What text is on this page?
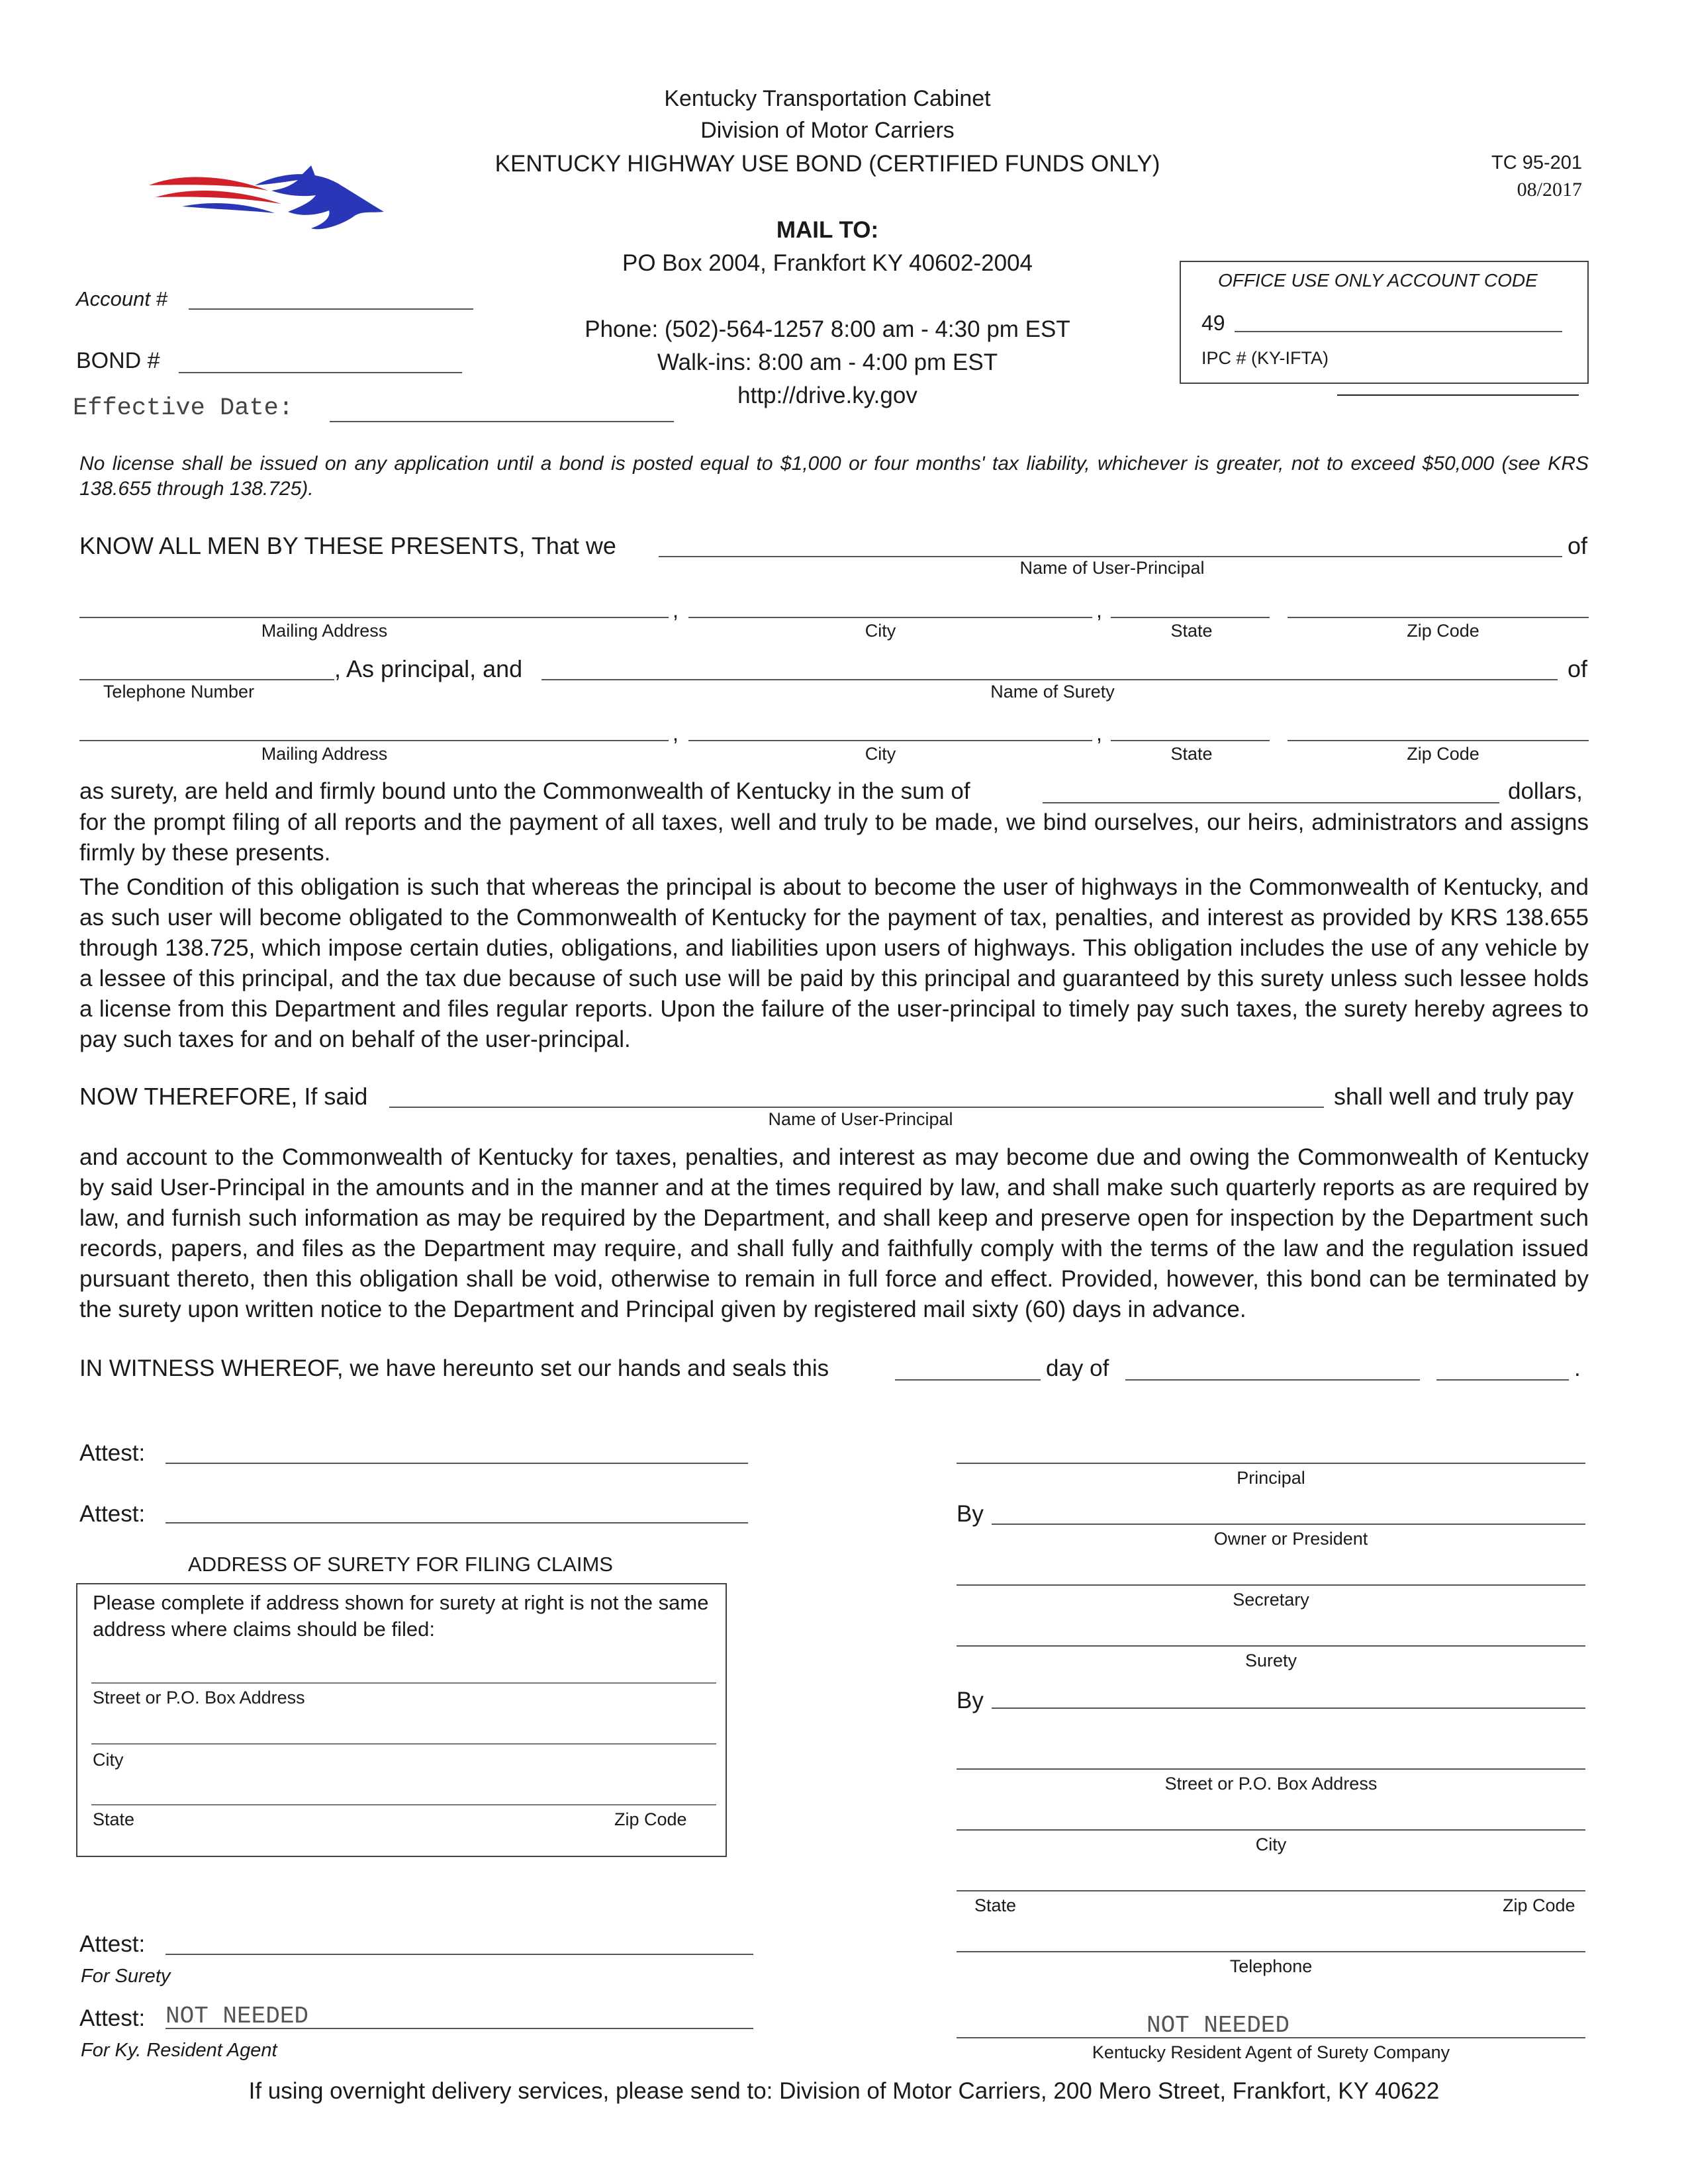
Kentucky Transportation Cabinet
Division of Motor Carriers
KENTUCKY HIGHWAY USE BOND (CERTIFIED FUNDS ONLY)	TC 95-201
08/2017
MAIL TO:
PO Box 2004, Frankfort KY 40602-2004
Phone: (502)-564-1257 8:00 am - 4:30 pm EST
Walk-ins: 8:00 am - 4:00 pm EST
http://drive.ky.gov
Account #
BOND #
Effective Date:
OFFICE USE ONLY ACCOUNT CODE
49
IPC # (KY-IFTA)
No license shall be issued on any application until a bond is posted equal to $1,000 or four months' tax liability, whichever is greater, not to exceed $50,000 (see KRS 138.655 through 138.725).
KNOW ALL MEN BY THESE PRESENTS, That we	of
Name of User-Principal
,	,
Mailing Address	City	State	Zip Code
, As principal, and	of
Telephone Number	Name of Surety
,	,
Mailing Address	City	State	Zip Code
as surety, are held and firmly bound unto the Commonwealth of Kentucky in the sum of	dollars,
for the prompt filing of all reports and the payment of all taxes, well and truly to be made, we bind ourselves, our heirs, administrators and assigns firmly by these presents.
The Condition of this obligation is such that whereas the principal is about to become the user of highways in the Commonwealth of Kentucky, and as such user will become obligated to the Commonwealth of Kentucky for the payment of tax, penalties, and interest as provided by KRS 138.655 through 138.725, which impose certain duties, obligations, and liabilities upon users of highways. This obligation includes the use of any vehicle by a lessee of this principal, and the tax due because of such use will be paid by this principal and guaranteed by this surety unless such lessee holds a license from this Department and files regular reports. Upon the failure of the user-principal to timely pay such taxes, the surety hereby agrees to pay such taxes for and on behalf of the user-principal.
NOW THEREFORE, If said	shall well and truly pay
Name of User-Principal
and account to the Commonwealth of Kentucky for taxes, penalties, and interest as may become due and owing the Commonwealth of Kentucky by said User-Principal in the amounts and in the manner and at the times required by law, and shall make such quarterly reports as are required by law, and furnish such information as may be required by the Department, and shall keep and preserve open for inspection by the Department such records, papers, and files as the Department may require, and shall fully and faithfully comply with the terms of the law and the regulation issued pursuant thereto, then this obligation shall be void, otherwise to remain in full force and effect. Provided, however, this bond can be terminated by the surety upon written notice to the Department and Principal given by registered mail sixty (60) days in advance.
IN WITNESS WHEREOF, we have hereunto set our hands and seals this	day of	.
Attest:
Attest:
ADDRESS OF SURETY FOR FILING CLAIMS
Please complete if address shown for surety at right is not the same address where claims should be filed:
Street or P.O. Box Address
City
State	Zip Code
Attest:
For Surety
Attest: NOT NEEDED
For Ky. Resident Agent
Principal
By
Owner or President
Secretary
Surety
By
Street or P.O. Box Address
City
State	Zip Code
Telephone
NOT NEEDED
Kentucky Resident Agent of Surety Company
If using overnight delivery services, please send to: Division of Motor Carriers, 200 Mero Street, Frankfort, KY 40622
